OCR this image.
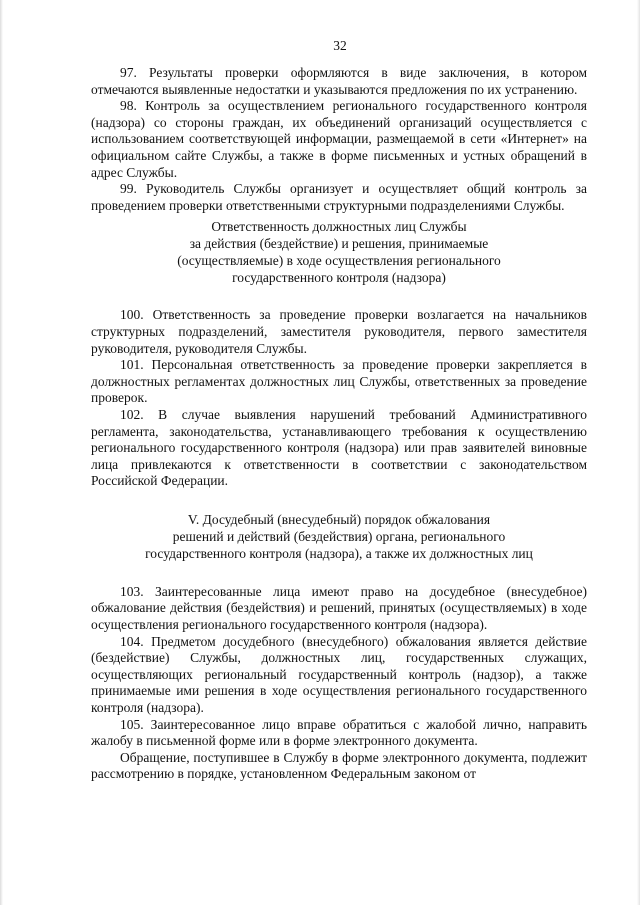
32

97. Результаты проверки оформляются в виде заключения, в котором отмечаются выявленные недостатки и указываются предложения по их устранению.

98. Контроль за осуществлением регионального государственного контроля (надзора) со стороны граждан, их объединений организаций осуществляется с использованием соответствующей информации, размещаемой в сети «Интернет» на официальном сайте Службы, а также в форме письменных и устных обращений в адрес Службы.

99. Руководитель Службы организует и осуществляет общий контроль за проведением проверки ответственными структурными подразделениями Службы.

Ответственность должностных лиц Службы

за действия (бездействие) и решения, принимаемые

(осуществляемые) в ходе осуществления регионального

государственного контроля (надзора)

100. Ответственность за проведение проверки возлагается на начальников структурных подразделений, заместителя руководителя, первого заместителя руководителя, руководителя Службы.

101. Персональная ответственность за проведение проверки закрепляется в должностных регламентах должностных лиц Службы, ответственных за проведение проверок.

102. В случае выявления нарушений требований Административного регламента, законодательства, устанавливающего требования к осуществлению регионального государственного контроля (надзора) или прав заявителей виновные лица привлекаются к ответственности в соответствии с законодательством Российской Федерации.

V. Досудебный (внесудебный) порядок обжалования

решений и действий (бездействия) органа, регионального

государственного контроля (надзора), а также их должностных лиц

103. Заинтересованные лица имеют право на досудебное (внесудебное) обжалование действия (бездействия) и решений, принятых (осуществляемых) в ходе осуществления регионального государственного контроля (надзора).

104. Предметом досудебного (внесудебного) обжалования является действие (бездействие) Службы, должностных лиц, государственных служащих, осуществляющих региональный государственный контроль (надзор), а также принимаемые ими решения в ходе осуществления регионального государственного контроля (надзора).

105. Заинтересованное лицо вправе обратиться с жалобой лично, направить жалобу в письменной форме или в форме электронного документа.

Обращение, поступившее в Службу в форме электронного документа, подлежит рассмотрению в порядке, установленном Федеральным законом от
